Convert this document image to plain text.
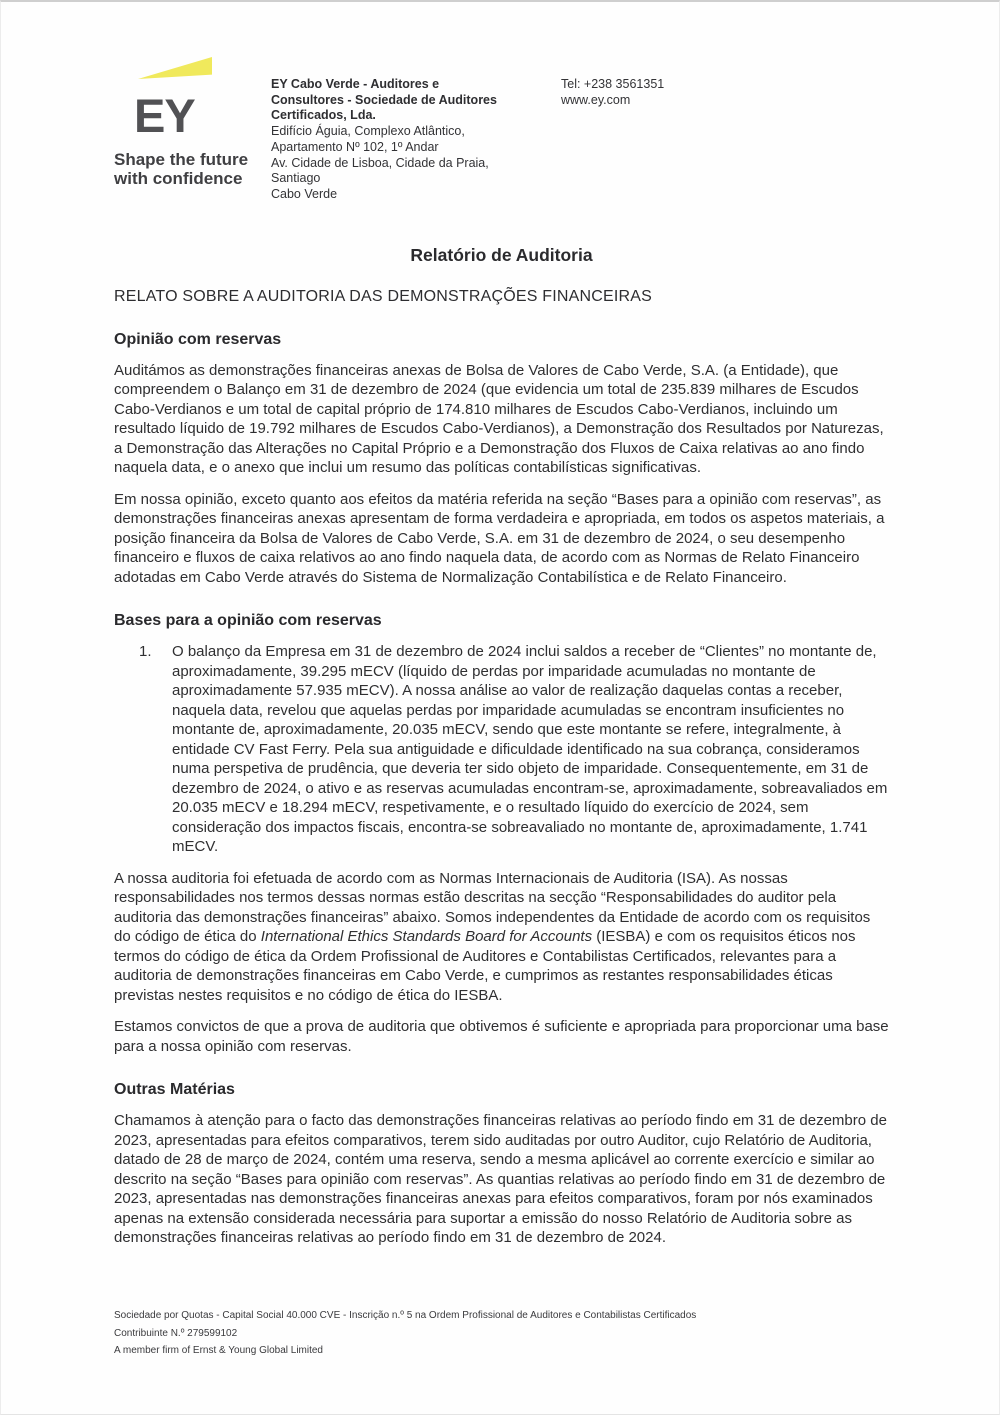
EY
Shape the future
with confidence
EY Cabo Verde - Auditores e
Consultores - Sociedade de Auditores
Certificados, Lda.
Edifício Águia, Complexo Atlântico,
Apartamento Nº 102, 1º Andar
Av. Cidade de Lisboa, Cidade da Praia,
Santiago
Cabo Verde
Tel: +238 3561351
www.ey.com
Relatório de Auditoria
RELATO SOBRE A AUDITORIA DAS DEMONSTRAÇÕES FINANCEIRAS
Opinião com reservas

Auditámos as demonstrações financeiras anexas de Bolsa de Valores de Cabo Verde, S.A. (a Entidade), que compreendem o Balanço em 31 de dezembro de 2024 (que evidencia um total de 235.839 milhares de Escudos Cabo-Verdianos e um total de capital próprio de 174.810 milhares de Escudos Cabo-Verdianos, incluindo um resultado líquido de 19.792 milhares de Escudos Cabo-Verdianos), a Demonstração dos Resultados por Naturezas, a Demonstração das Alterações no Capital Próprio e a Demonstração dos Fluxos de Caixa relativas ao ano findo naquela data, e o anexo que inclui um resumo das políticas contabilísticas significativas.

Em nossa opinião, exceto quanto aos efeitos da matéria referida na seção “Bases para a opinião com reservas”, as demonstrações financeiras anexas apresentam de forma verdadeira e apropriada, em todos os aspetos materiais, a posição financeira da Bolsa de Valores de Cabo Verde, S.A. em 31 de dezembro de 2024, o seu desempenho financeiro e fluxos de caixa relativos ao ano findo naquela data, de acordo com as Normas de Relato Financeiro adotadas em Cabo Verde através do Sistema de Normalização Contabilística e de Relato Financeiro.

Bases para a opinião com reservas
1.	O balanço da Empresa em 31 de dezembro de 2024 inclui saldos a receber de “Clientes” no montante de, aproximadamente, 39.295 mECV (líquido de perdas por imparidade acumuladas no montante de aproximadamente 57.935 mECV). A nossa análise ao valor de realização daquelas contas a receber, naquela data, revelou que aquelas perdas por imparidade acumuladas se encontram insuficientes no montante de, aproximadamente, 20.035 mECV, sendo que este montante se refere, integralmente, à entidade CV Fast Ferry. Pela sua antiguidade e dificuldade identificado na sua cobrança, consideramos numa perspetiva de prudência, que deveria ter sido objeto de imparidade. Consequentemente, em 31 de dezembro de 2024, o ativo e as reservas acumuladas encontram-se, aproximadamente, sobreavaliados em 20.035 mECV e 18.294 mECV, respetivamente, e o resultado líquido do exercício de 2024, sem consideração dos impactos fiscais, encontra-se sobreavaliado no montante de, aproximadamente, 1.741 mECV.

A nossa auditoria foi efetuada de acordo com as Normas Internacionais de Auditoria (ISA). As nossas responsabilidades nos termos dessas normas estão descritas na secção “Responsabilidades do auditor pela auditoria das demonstrações financeiras” abaixo. Somos independentes da Entidade de acordo com os requisitos do código de ética do International Ethics Standards Board for Accounts (IESBA) e com os requisitos éticos nos termos do código de ética da Ordem Profissional de Auditores e Contabilistas Certificados, relevantes para a auditoria de demonstrações financeiras em Cabo Verde, e cumprimos as restantes responsabilidades éticas previstas nestes requisitos e no código de ética do IESBA.

Estamos convictos de que a prova de auditoria que obtivemos é suficiente e apropriada para proporcionar uma base para a nossa opinião com reservas.

Outras Matérias

Chamamos à atenção para o facto das demonstrações financeiras relativas ao período findo em 31 de dezembro de 2023, apresentadas para efeitos comparativos, terem sido auditadas por outro Auditor, cujo Relatório de Auditoria, datado de 28 de março de 2024, contém uma reserva, sendo a mesma aplicável ao corrente exercício e similar ao descrito na seção “Bases para opinião com reservas”. As quantias relativas ao período findo em 31 de dezembro de 2023, apresentadas nas demonstrações financeiras anexas para efeitos comparativos, foram por nós examinados apenas na extensão considerada necessária para suportar a emissão do nosso Relatório de Auditoria sobre as demonstrações financeiras relativas ao período findo em 31 de dezembro de 2024.

Sociedade por Quotas - Capital Social 40.000 CVE - Inscrição n.º 5 na Ordem Profissional de Auditores e Contabilistas Certificados
Contribuinte N.º 279599102
A member firm of Ernst & Young Global Limited
